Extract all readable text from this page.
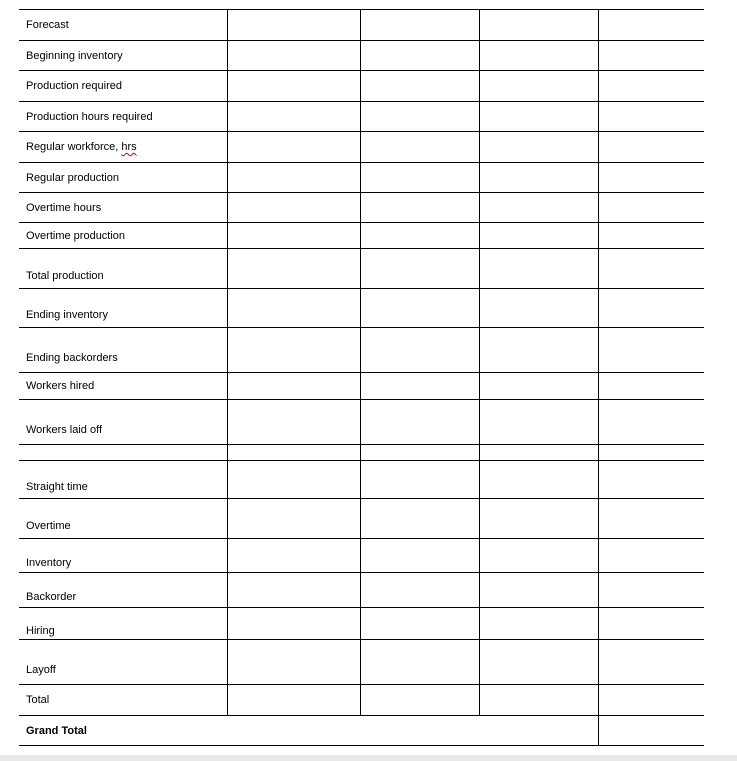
Forecast				
Beginning inventory				
Production required				
Production hours required				
Regular workforce, hrs				
Regular production				
Overtime hours				
Overtime production				
Total production				
Ending inventory				
Ending backorders				
Workers hired				
Workers laid off				

Straight time				
Overtime				
Inventory				
Backorder				
Hiring				
Layoff				
Total				
Grand Total				
